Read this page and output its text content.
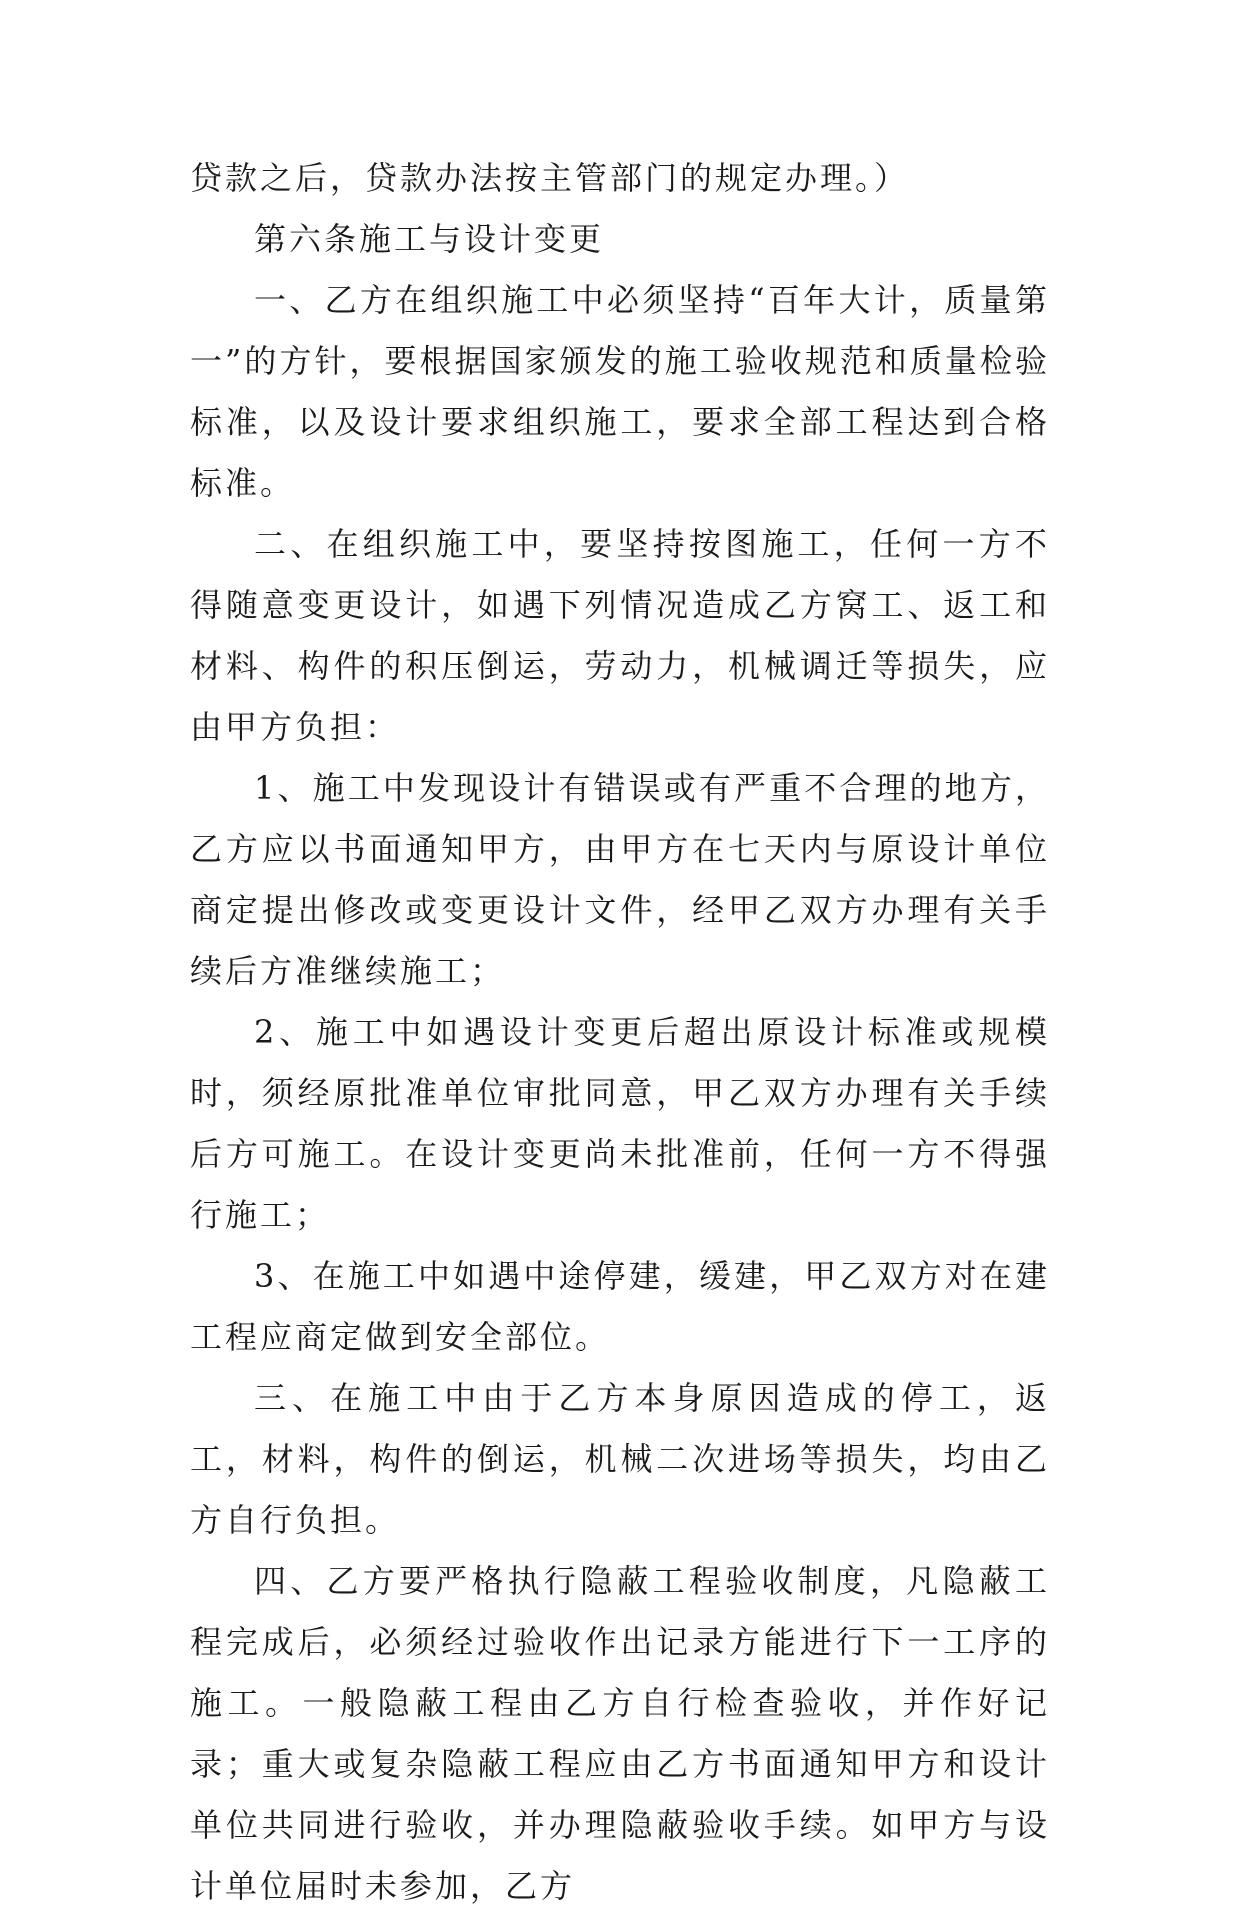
贷款之后，贷款办法按主管部门的规定办理。）

第六条施工与设计变更

一、乙方在组织施工中必须坚持“百年大计，质量第一”的方针，要根据国家颁发的施工验收规范和质量检验标准，以及设计要求组织施工，要求全部工程达到合格标准。

二、在组织施工中，要坚持按图施工，任何一方不得随意变更设计，如遇下列情况造成乙方窝工、返工和材料、构件的积压倒运，劳动力，机械调迁等损失，应由甲方负担：

1、施工中发现设计有错误或有严重不合理的地方，乙方应以书面通知甲方，由甲方在七天内与原设计单位商定提出修改或变更设计文件，经甲乙双方办理有关手续后方准继续施工；

2、施工中如遇设计变更后超出原设计标准或规模时，须经原批准单位审批同意，甲乙双方办理有关手续后方可施工。在设计变更尚未批准前，任何一方不得强行施工；

3、在施工中如遇中途停建，缓建，甲乙双方对在建工程应商定做到安全部位。

三、在施工中由于乙方本身原因造成的停工，返工，材料，构件的倒运，机械二次进场等损失，均由乙方自行负担。

四、乙方要严格执行隐蔽工程验收制度，凡隐蔽工程完成后，必须经过验收作出记录方能进行下一工序的施工。一般隐蔽工程由乙方自行检查验收，并作好记录；重大或复杂隐蔽工程应由乙方书面通知甲方和设计单位共同进行验收，并办理隐蔽验收手续。如甲方与设计单位届时未参加，乙方
